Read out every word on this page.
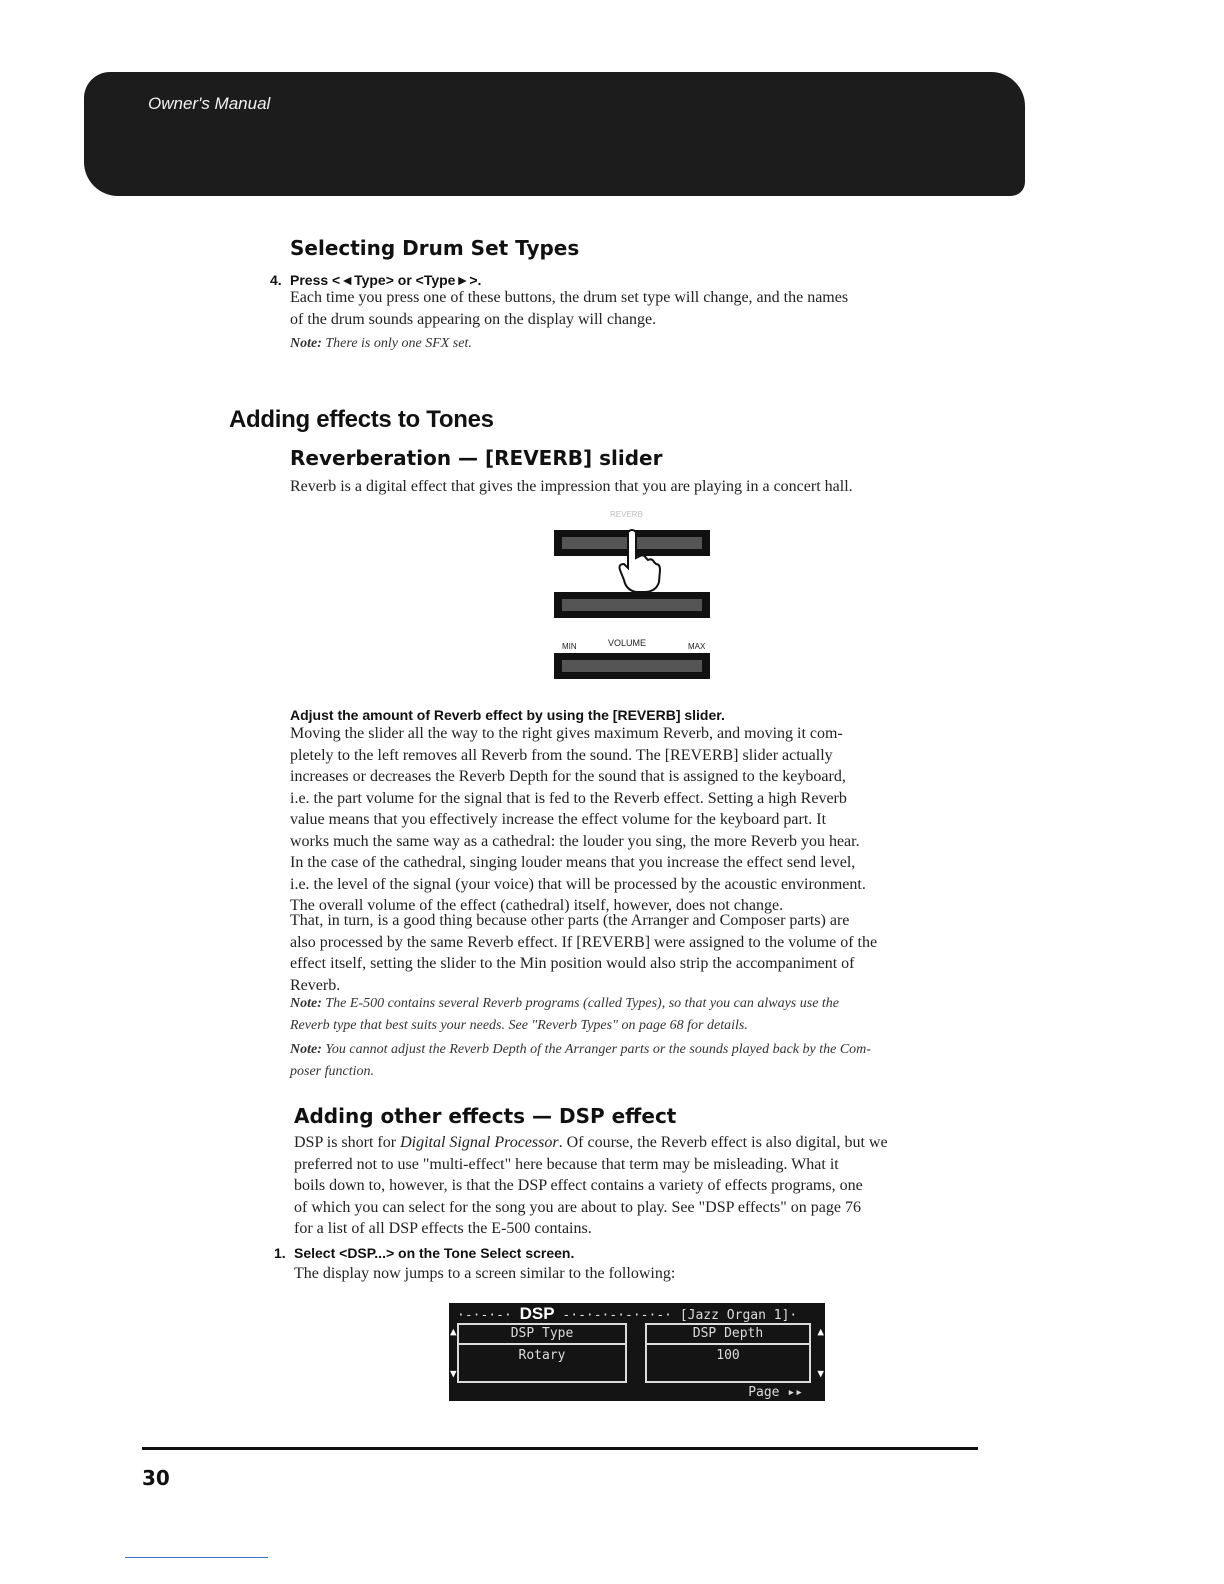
Owner's Manual
Selecting Drum Set Types
4. Press <◄Type> or <Type►>.
Each time you press one of these buttons, the drum set type will change, and the names
of the drum sounds appearing on the display will change.
Note: There is only one SFX set.
Adding effects to Tones
Reverberation — [REVERB] slider
Reverb is a digital effect that gives the impression that you are playing in a concert hall.
REVERB
MIN	VOLUME	MAX
Adjust the amount of Reverb effect by using the [REVERB] slider.
Moving the slider all the way to the right gives maximum Reverb, and moving it com-
pletely to the left removes all Reverb from the sound. The [REVERB] slider actually
increases or decreases the Reverb Depth for the sound that is assigned to the keyboard,
i.e. the part volume for the signal that is fed to the Reverb effect. Setting a high Reverb
value means that you effectively increase the effect volume for the keyboard part. It
works much the same way as a cathedral: the louder you sing, the more Reverb you hear.
In the case of the cathedral, singing louder means that you increase the effect send level,
i.e. the level of the signal (your voice) that will be processed by the acoustic environment.
The overall volume of the effect (cathedral) itself, however, does not change.
That, in turn, is a good thing because other parts (the Arranger and Composer parts) are
also processed by the same Reverb effect. If [REVERB] were assigned to the volume of the
effect itself, setting the slider to the Min position would also strip the accompaniment of
Reverb.
Note: The E-500 contains several Reverb programs (called Types), so that you can always use the
Reverb type that best suits your needs. See "Reverb Types" on page 68 for details.
Note: You cannot adjust the Reverb Depth of the Arranger parts or the sounds played back by the Com-
poser function.
Adding other effects — DSP effect
DSP is short for Digital Signal Processor. Of course, the Reverb effect is also digital, but we
preferred not to use "multi-effect" here because that term may be misleading. What it
boils down to, however, is that the DSP effect contains a variety of effects programs, one
of which you can select for the song you are about to play. See "DSP effects" on page 76
for a list of all DSP effects the E-500 contains.
1. Select <DSP...> on the Tone Select screen.
The display now jumps to a screen similar to the following:
·-·-·-· DSP -·-·-·-·-·-·-· [Jazz Organ 1]·
▲
▼
DSP Type
Rotary
DSP Depth
100
▲
▼
Page ▸▸
30
